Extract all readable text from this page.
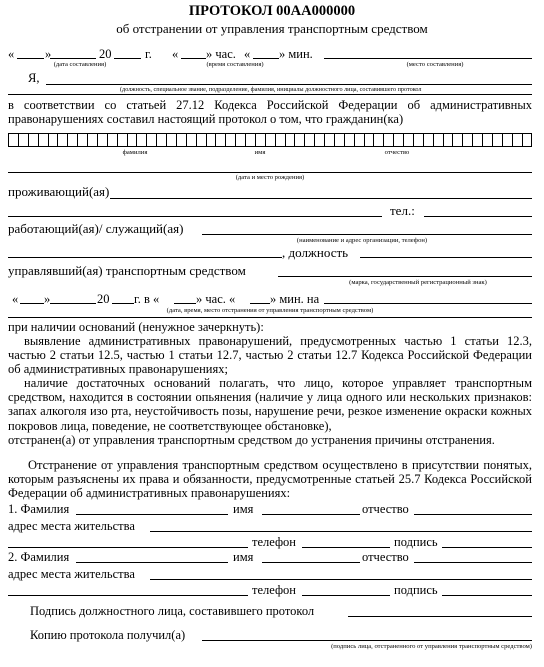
ПРОТОКОЛ 00АА000000
об отстранении от управления транспортным средством
« »	20	г. « » час. « » мин.
(дата составления)	(время составления)	(место составления)
Я,
(должность, специальное звание, подразделение, фамилия, инициалы должностного лица, составившего протокол
в соответствии со статьей 27.12 Кодекса Российской Федерации об административных правонарушениях составил настоящий протокол о том, что гражданин(ка)
фамилия	имя	отчество
(дата и место рождения)
проживающий(ая)
тел.:
работающий(ая)/ служащий(ая)
(наименование и адрес организации, телефон)
, должность
управлявший(ая) транспортным средством
(марка, государственный регистрационный знак)
« »	20 г. в «	» час. «	» мин. на
(дата, время, место отстранения от управления транспортным средством)
при наличии оснований (ненужное зачеркнуть):
выявление административных правонарушений, предусмотренных частью 1 статьи 12.3, частью 2 статьи 12.5, частью 1 статьи 12.7, частью 2 статьи 12.7 Кодекса Российской Федерации об административных правонарушениях;
наличие достаточных оснований полагать, что лицо, которое управляет транспортным средством, находится в состоянии опьянения (наличие у лица одного или нескольких признаков: запах алкоголя изо рта, неустойчивость позы, нарушение речи, резкое изменение окраски кожных покровов лица, поведение, не соответствующее обстановке),
отстранен(а) от управления транспортным средством до устранения причины отстранения.
Отстранение от управления транспортным средством осуществлено в присутствии понятых, которым разъяснены их права и обязанности, предусмотренные статьей 25.7 Кодекса Российской Федерации об административных правонарушениях:
1. Фамилия	имя	отчество
адрес места жительства
телефон	подпись
2. Фамилия	имя	отчество
адрес места жительства
телефон	подпись
Подпись должностного лица, составившего протокол
Копию протокола получил(а)
(подпись лица, отстраненного от управления транспортным средством)
